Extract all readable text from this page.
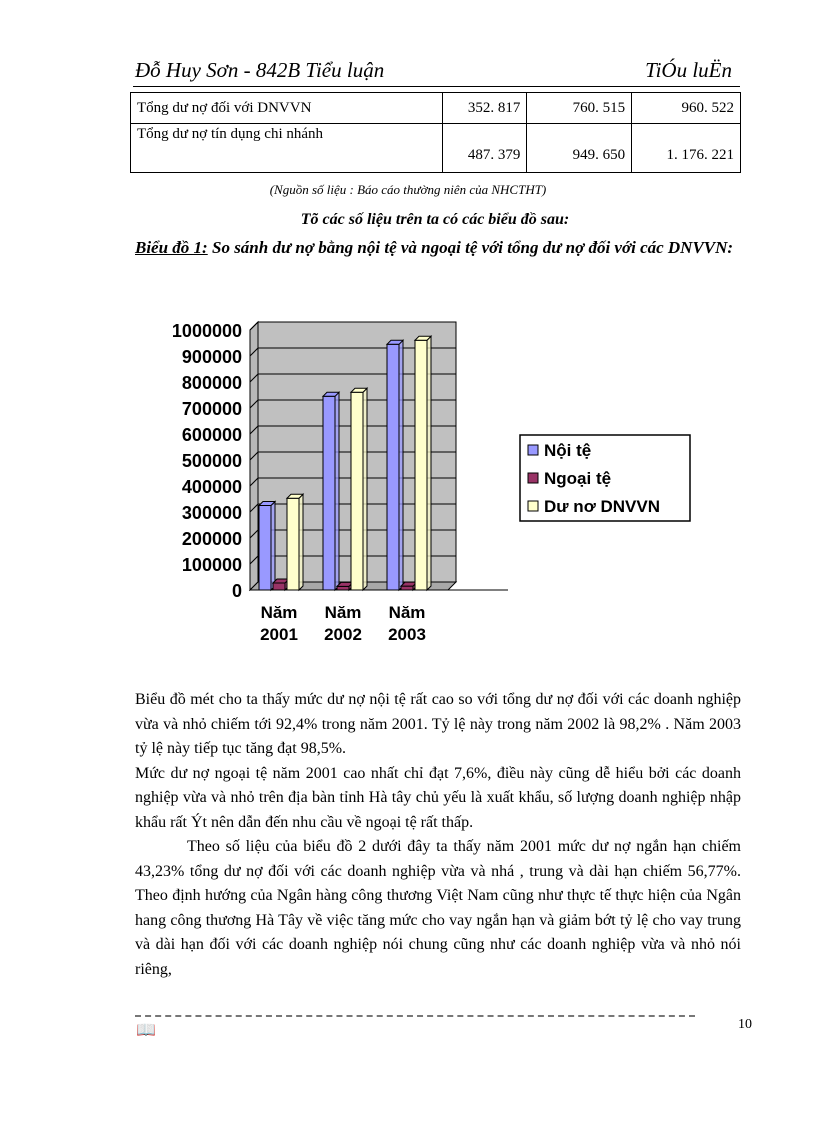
Đỗ Huy Sơn - 842B Tiểu luận	TiÓu luËn
Tổng dư nợ đối với DNVVN	352. 817	760. 515	960. 522
Tổng dư nợ tín dụng chi nhánh	487. 379	949. 650	1. 176. 221
(Nguồn số liệu : Báo cáo thường niên của NHCTHT)
Tõ các số liệu trên ta có các biểu đồ sau:
Biểu đồ 1: So sánh dư nợ bằng nội tệ và ngoại tệ với tổng dư nợ đối với các DNVVN:
1000000
900000
800000
700000
600000
500000
400000
300000
200000
100000
0
Năm
2001
Năm
2002
Năm
2003
Nội tệ
Ngoại tệ
Dư nơ DNVVN

Biểu đồ mét cho ta thấy mức dư nợ nội tệ rất cao so với tổng dư nợ đối với các doanh nghiệp vừa và nhỏ chiếm tới 92,4% trong năm 2001. Tỷ lệ này trong năm 2002 là 98,2% . Năm 2003 tỷ lệ này tiếp tục tăng đạt 98,5%.

Mức dư nợ ngoại tệ năm 2001 cao nhất chỉ đạt 7,6%, điều này cũng dễ hiểu bởi các doanh nghiệp vừa và nhỏ trên địa bàn tỉnh Hà tây chủ yếu là xuất khẩu, số lượng doanh nghiệp nhập khẩu rất Ýt nên dẫn đến nhu cầu về ngoại tệ rất thấp.

Theo số liệu của biểu đồ 2 dưới đây ta thấy năm 2001 mức dư nợ ngắn hạn chiếm 43,23% tổng dư nợ đối với các doanh nghiệp vừa và nhá , trung và dài hạn chiếm 56,77%. Theo định hướng của Ngân hàng công thương Việt Nam cũng như thực tế thực hiện của Ngân hang công thương Hà Tây về việc tăng mức cho vay ngắn hạn và giảm bớt tỷ lệ cho vay trung và dài hạn đối với các doanh nghiệp nói chung cũng như các doanh nghiệp vừa và nhỏ nói riêng,

📖	10
